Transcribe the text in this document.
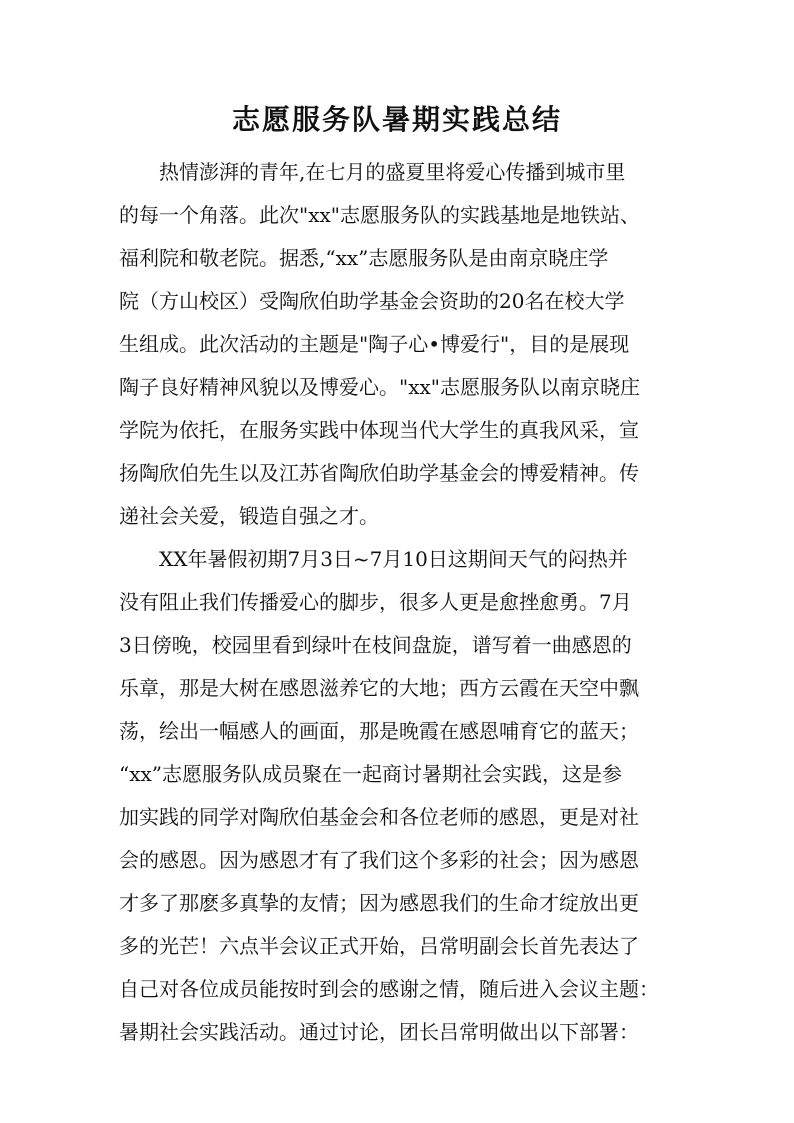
志愿服务队暑期实践总结

　　热情澎湃的青年,在七月的盛夏里将爱心传播到城市里

的每一个角落。此次"xx"志愿服务队的实践基地是地铁站、

福利院和敬老院。据悉,“xx”志愿服务队是由南京晓庄学

院（方山校区）受陶欣伯助学基金会资助的20名在校大学

生组成。此次活动的主题是"陶子心•博爱行"，目的是展现

陶子良好精神风貌以及博爱心。"xx"志愿服务队以南京晓庄

学院为依托，在服务实践中体现当代大学生的真我风采，宣

扬陶欣伯先生以及江苏省陶欣伯助学基金会的博爱精神。传

递社会关爱，锻造自强之才。

　　XX年暑假初期7月3日~7月10日这期间天气的闷热并

没有阻止我们传播爱心的脚步，很多人更是愈挫愈勇。7月

3日傍晚，校园里看到绿叶在枝间盘旋，谱写着一曲感恩的

乐章，那是大树在感恩滋养它的大地；西方云霞在天空中飘

荡，绘出一幅感人的画面，那是晚霞在感恩哺育它的蓝天；

“xx”志愿服务队成员聚在一起商讨暑期社会实践，这是参

加实践的同学对陶欣伯基金会和各位老师的感恩，更是对社

会的感恩。因为感恩才有了我们这个多彩的社会；因为感恩

才多了那麽多真挚的友情；因为感恩我们的生命才绽放出更

多的光芒！六点半会议正式开始，吕常明副会长首先表达了

自己对各位成员能按时到会的感谢之情，随后进入会议主题：

暑期社会实践活动。通过讨论，团长吕常明做出以下部署：
